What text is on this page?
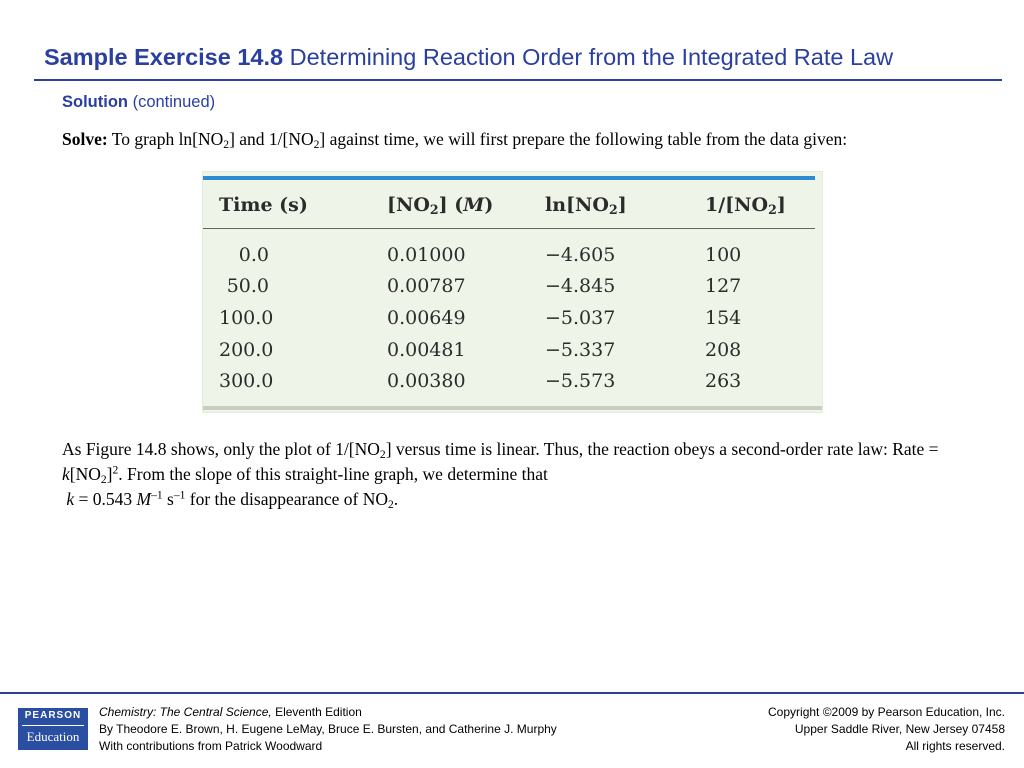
Sample Exercise 14.8 Determining Reaction Order from the Integrated Rate Law
Solution (continued)
Solve: To graph $\ln[NO_2]$ and $1/[NO_2]$ against time, we will first prepare the following table from the data given:
Time (s)	$[NO_2]$ (M)	$\ln[NO_2]$	$1/[NO_2]$
0.0	0.01000	−4.605	100
50.0	0.00787	−4.845	127
100.0	0.00649	−5.037	154
200.0	0.00481	−5.337	208
300.0	0.00380	−5.573	263
As Figure 14.8 shows, only the plot of $1/[NO_2]$ versus time is linear. Thus, the reaction obeys a second-order rate law: Rate = $k[NO_2]^2$. From the slope of this straight-line graph, we determine that
k = 0.543 $M^{-1}$ $s^{-1}$ for the disappearance of $NO_2$.
PEARSON
Education
Chemistry: The Central Science, Eleventh Edition
By Theodore E. Brown, H. Eugene LeMay, Bruce E. Bursten, and Catherine J. Murphy
With contributions from Patrick Woodward
Copyright ©2009 by Pearson Education, Inc.
Upper Saddle River, New Jersey 07458
All rights reserved.
